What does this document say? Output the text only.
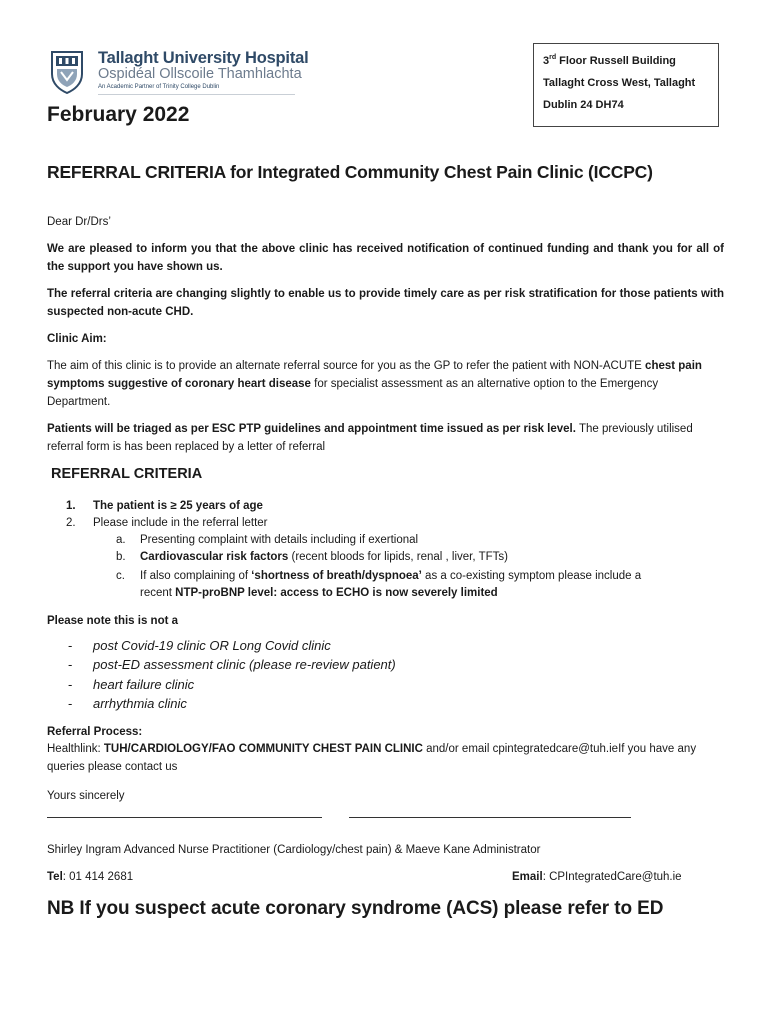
Tallaght University Hospital
Ospidéal Ollscoile Thamhlachta
An Academic Partner of Trinity College Dublin
3rd Floor Russell Building
Tallaght Cross West, Tallaght
Dublin 24 DH74
February 2022
REFERRAL CRITERIA for Integrated Community Chest Pain Clinic (ICCPC)
Dear Dr/Drs’
We are pleased to inform you that the above clinic has received notification of continued funding and thank you for all of the support you have shown us.
The referral criteria are changing slightly to enable us to provide timely care as per risk stratification for those patients with suspected non-acute CHD.
Clinic Aim:
The aim of this clinic is to provide an alternate referral source for you as the GP to refer the patient with NON-ACUTE chest pain symptoms suggestive of coronary heart disease for specialist assessment as an alternative option to the Emergency Department.
Patients will be triaged as per ESC PTP guidelines and appointment time issued as per risk level. The previously utilised referral form is has been replaced by a letter of referral
REFERRAL CRITERIA
1. The patient is ≥ 25 years of age
2. Please include in the referral letter
a. Presenting complaint with details including if exertional
b. Cardiovascular risk factors (recent bloods for lipids, renal , liver, TFTs)
c. If also complaining of ‘shortness of breath/dyspnoea’ as a co-existing symptom please include a
recent NTP-proBNP level: access to ECHO is now severely limited
Please note this is not a
- post Covid-19 clinic OR Long Covid clinic
- post-ED assessment clinic (please re-review patient)
- heart failure clinic
- arrhythmia clinic
Referral Process:
Healthlink: TUH/CARDIOLOGY/FAO COMMUNITY CHEST PAIN CLINIC and/or email cpintegratedcare@tuh.ieIf you have any queries please contact us
Yours sincerely
Shirley Ingram Advanced Nurse Practitioner (Cardiology/chest pain) & Maeve Kane Administrator
Tel: 01 414 2681	Email: CPIntegratedCare@tuh.ie
NB If you suspect acute coronary syndrome (ACS) please refer to ED
